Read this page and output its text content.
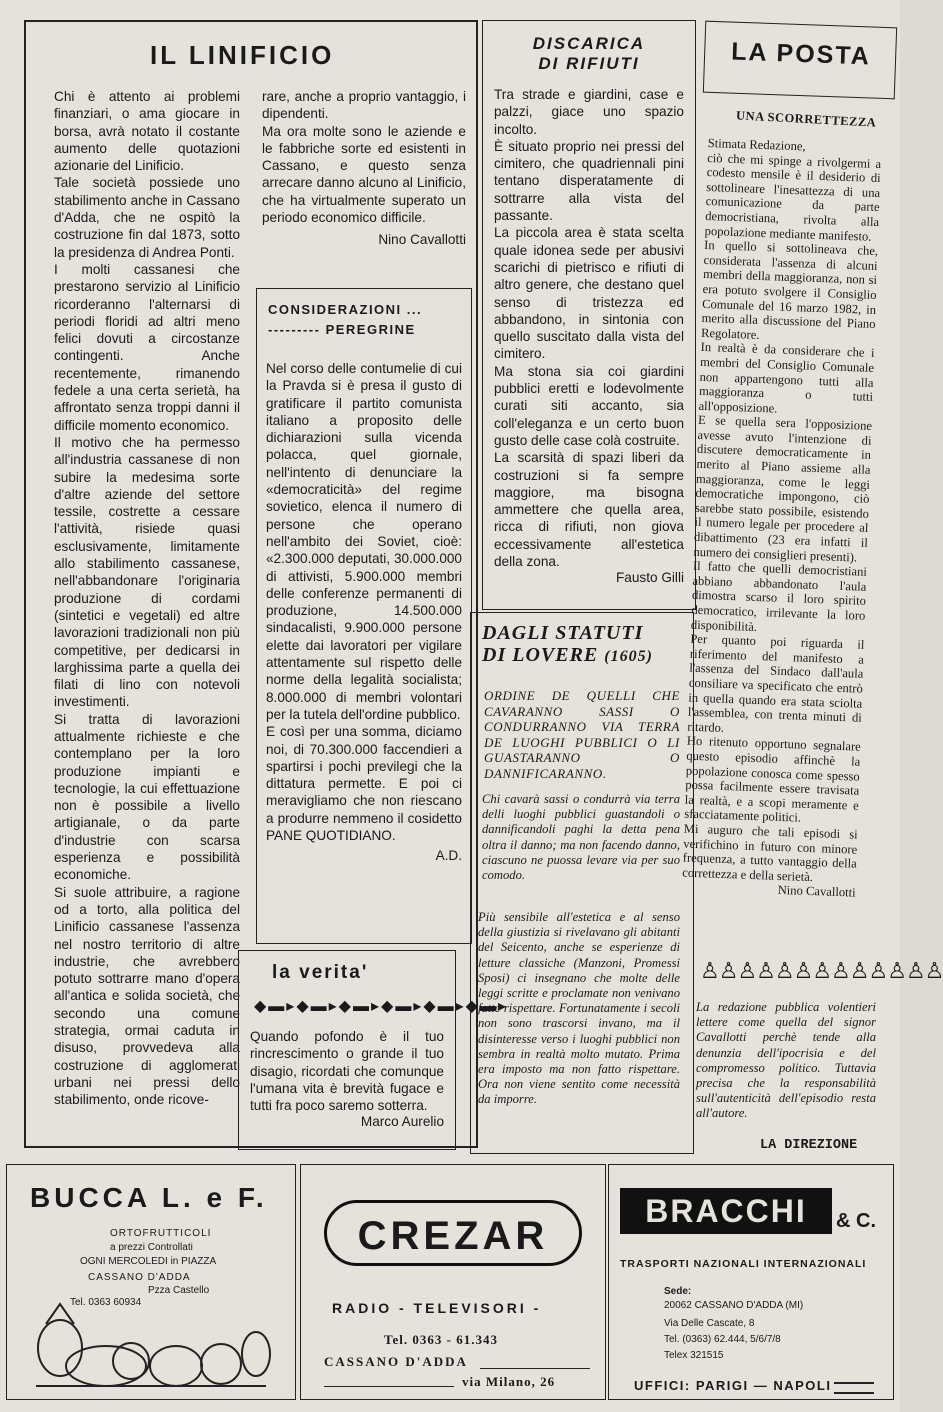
IL LINIFICIO

Chi è attento ai problemi finanziari, o ama giocare in borsa, avrà notato il costante aumento delle quotazioni azionarie del Linificio.

Tale società possiede uno stabilimento anche in Cassano d'Adda, che ne ospitò la costruzione fin dal 1873, sotto la presidenza di Andrea Ponti.

I molti cassanesi che prestarono servizio al Linificio ricorderanno l'alternarsi di periodi floridi ad altri meno felici dovuti a circostanze contingenti. Anche recentemente, rimanendo fedele a una certa serietà, ha affrontato senza troppi danni il difficile momento economico.

Il motivo che ha permesso all'industria cassanese di non subire la medesima sorte d'altre aziende del settore tessile, costrette a cessare l'attività, risiede quasi esclusivamente, limitamente allo stabilimento cassanese, nell'abbandonare l'originaria produzione di cordami (sintetici e vegetali) ed altre lavorazioni tradizionali non più competitive, per dedicarsi in larghissima parte a quella dei filati di lino con notevoli investimenti.

Si tratta di lavorazioni attualmente richieste e che contemplano per la loro produzione impianti e tecnologie, la cui effettuazione non è possibile a livello artigianale, o da parte d'industrie con scarsa esperienza e possibilità economiche.

Si suole attribuire, a ragione od a torto, alla politica del Linificio cassanese l'assenza nel nostro territorio di altre industrie, che avrebbero potuto sottrarre mano d'opera all'antica e solida società, che secondo una comune strategia, ormai caduta in disuso, provvedeva alla costruzione di agglomerati urbani nei pressi dello stabilimento, onde ricove-

rare, anche a proprio vantaggio, i dipendenti.

Ma ora molte sono le aziende e le fabbriche sorte ed esistenti in Cassano, e questo senza arrecare danno alcuno al Linificio, che ha virtualmente superato un periodo economico difficile.

Nino Cavallotti
CONSIDERAZIONI ...
--------- PEREGRINE

Nel corso delle contumelie di cui la Pravda si è presa il gusto di gratificare il partito comunista italiano a proposito delle dichiarazioni sulla vicenda polacca, quel giornale, nell'intento di denunciare la «democraticità» del regime sovietico, elenca il numero di persone che operano nell'ambito dei Soviet, cioè: «2.300.000 deputati, 30.000.000 di attivisti, 5.900.000 membri delle conferenze permanenti di produzione, 14.500.000 sindacalisti, 9.900.000 persone elette dai lavoratori per vigilare attentamente sul rispetto delle norme della legalità socialista; 8.000.000 di membri volontari per la tutela dell'ordine pubblico.

E così per una somma, diciamo noi, di 70.300.000 faccendieri a spartirsi i pochi previlegi che la dittatura permette. E poi ci meravigliamo che non riescano a produrre nemmeno il cosidetto PANE QUOTIDIANO.

A.D.
la verita'
◆▬▸◆▬▸◆▬▸◆▬▸◆▬▸◆▬▸

Quando pofondo è il tuo rincrescimento o grande il tuo disagio, ricordati che comunque l'umana vita è brevità fugace e tutti fra poco saremo sotterra.

Marco Aurelio
DISCARICA
DI RIFIUTI

Tra strade e giardini, case e palzzi, giace uno spazio incolto.

È situato proprio nei pressi del cimitero, che quadriennali pini tentano disperatamente di sottrarre alla vista del passante.

La piccola area è stata scelta quale idonea sede per abusivi scarichi di pietrisco e rifiuti di altro genere, che destano quel senso di tristezza ed abbandono, in sintonia con quello suscitato dalla vista del cimitero.

Ma stona sia coi giardini pubblici eretti e lodevolmente curati siti accanto, sia coll'eleganza e un certo buon gusto delle case colà costruite.

La scarsità di spazi liberi da costruzioni si fa sempre maggiore, ma bisogna ammettere che quella area, ricca di rifiuti, non giova eccessivamente all'estetica della zona.

Fausto Gilli
DAGLI STATUTI
DI LOVERE (1605)

ORDINE DE QUELLI CHE CAVARANNO SASSI O CONDURRANNO VIA TERRA DE LUOGHI PUBBLICI O LI GUASTARANNO O DANNIFICARANNO.

Chi cavarà sassi o condurrà via terra delli luoghi pubblici guastandoli o dannificandoli paghi la detta pena oltra il danno; ma non facendo danno, ciascuno ne puossa levare via per suo comodo.

Più sensibile all'estetica e al senso della giustizia si rivelavano gli abitanti del Seicento, anche se esperienze di letture classiche (Manzoni, Promessi Sposi) ci insegnano che molte delle leggi scritte e proclamate non venivano fatte rispettare. Fortunatamente i secoli non sono trascorsi invano, ma il disinteresse verso i luoghi pubblici non sembra in realtà molto mutato. Prima era imposto ma non fatto rispettare. Ora non viene sentito come necessità da imporre.

LA POSTA
UNA SCORRETTEZZA

Stimata Redazione,

ciò che mi spinge a rivolgermi a codesto mensile è il desiderio di sottolineare l'inesattezza di una comunicazione da parte democristiana, rivolta alla popolazione mediante manifesto.

In quello si sottolineava che, considerata l'assenza di alcuni membri della maggioranza, non si era potuto svolgere il Consiglio Comunale del 16 marzo 1982, in merito alla discussione del Piano Regolatore.

In realtà è da considerare che i membri del Consiglio Comunale non appartengono tutti alla maggioranza o tutti all'opposizione.

E se quella sera l'opposizione avesse avuto l'intenzione di discutere democraticamente in merito al Piano assieme alla maggioranza, come le leggi democratiche impongono, ciò sarebbe stato possibile, esistendo il numero legale per procedere al dibattimento (23 era infatti il numero dei consiglieri presenti).

Il fatto che quelli democristiani abbiano abbandonato l'aula dimostra scarso il loro spirito democratico, irrilevante la loro disponibilità.

Per quanto poi riguarda il riferimento del manifesto a l'assenza del Sindaco dall'aula consiliare va specificato che entrò in quella quando era stata sciolta l'assemblea, con trenta minuti di ritardo.

Ho ritenuto opportuno segnalare questo episodio affinchè la popolazione conosca come spesso possa facilmente essere travisata la realtà, e a scopi meramente e sfacciatamente politici.

Mi auguro che tali episodi si verifichino in futuro con minore frequenza, a tutto vantaggio della correttezza e della serietà.

Nino Cavallotti
♙♙♙♙♙♙♙♙♙♙♙♙♙

La redazione pubblica volentieri lettere come quella del signor Cavallotti perchè tende alla denunzia dell'ipocrisia e del compromesso politico. Tuttavia precisa che la responsabilità sull'autenticità dell'episodio resta all'autore.

LA DIREZIONE
BUCCA L. e F.
ORTOFRUTTICOLI
a prezzi Controllati
OGNI MERCOLEDI in PIAZZA
CASSANO D'ADDA
Pzza Castello
Tel. 0363 60934
CREZAR
RADIO - TELEVISORI -
Tel. 0363 - 61.343
CASSANO D'ADDA
via Milano, 26
BRACCHI	& C.
TRASPORTI NAZIONALI INTERNAZIONALI
Sede:
20062 CASSANO D'ADDA (MI)
Via Delle Cascate, 8
Tel. (0363) 62.444, 5/6/7/8
Telex 321515
UFFICI: PARIGI — NAPOLI
